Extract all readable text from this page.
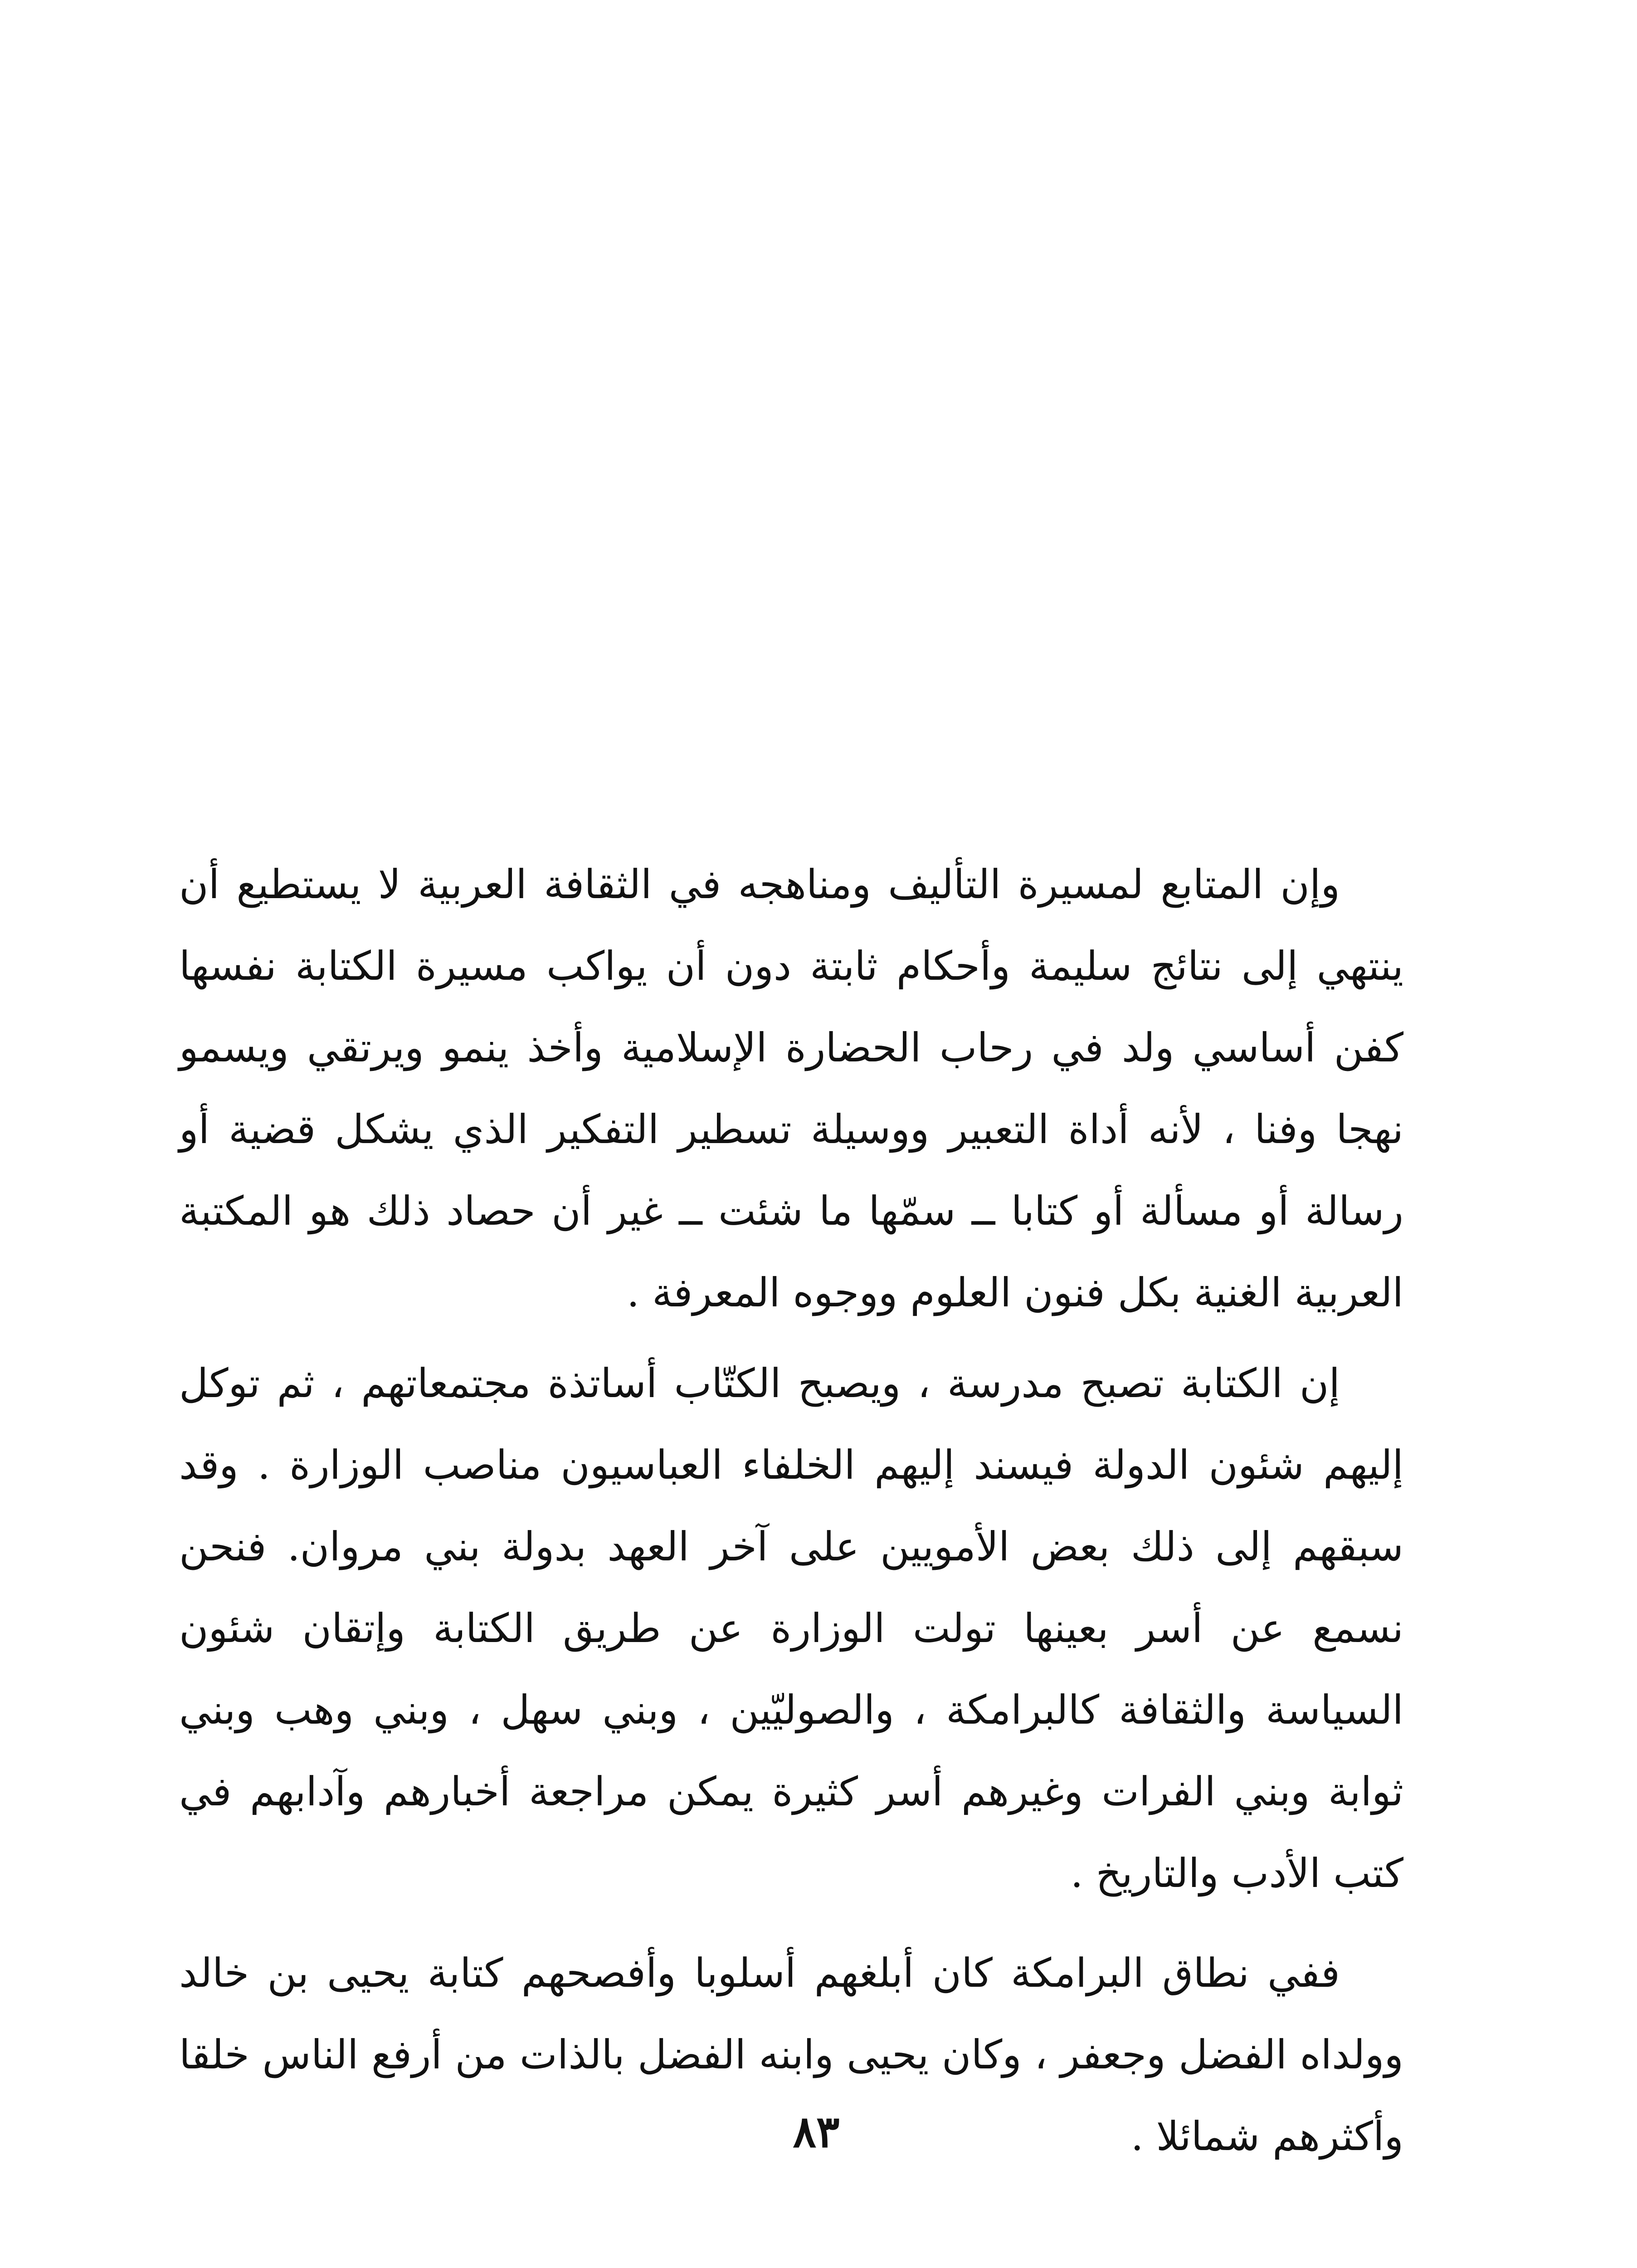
وإن المتابع لمسيرة التأليف ومناهجه في الثقافة العربية لا يستطيع أن ينتهي إلى نتائج سليمة وأحكام ثابتة دون أن يواكب مسيرة الكتابة نفسها كفن أساسي ولد في رحاب الحضارة الإسلامية وأخذ ينمو ويرتقي ويسمو نهجا وفنا ، لأنه أداة التعبير ووسيلة تسطير التفكير الذي يشكل قضية أو رسالة أو مسألة أو كتابا ــ سمّها ما شئت ــ غير أن حصاد ذلك هو المكتبة العربية الغنية بكل فنون العلوم ووجوه المعرفة .

إن الكتابة تصبح مدرسة ، ويصبح الكتّاب أساتذة مجتمعاتهم ، ثم توكل إليهم شئون الدولة فيسند إليهم الخلفاء العباسيون مناصب الوزارة . وقد سبقهم إلى ذلك بعض الأمويين على آخر العهد بدولة بني مروان. فنحن نسمع عن أسر بعينها تولت الوزارة عن طريق الكتابة وإتقان شئون السياسة والثقافة كالبرامكة ، والصوليّين ، وبني سهل ، وبني وهب وبني ثوابة وبني الفرات وغيرهم أسر كثيرة يمكن مراجعة أخبارهم وآدابهم في كتب الأدب والتاريخ .

ففي نطاق البرامكة كان أبلغهم أسلوبا وأفصحهم كتابة يحيى بن خالد وولداه الفضل وجعفر ، وكان يحيى وابنه الفضل بالذات من أرفع الناس خلقا وأكثرهم شمائلا .

٨٣
